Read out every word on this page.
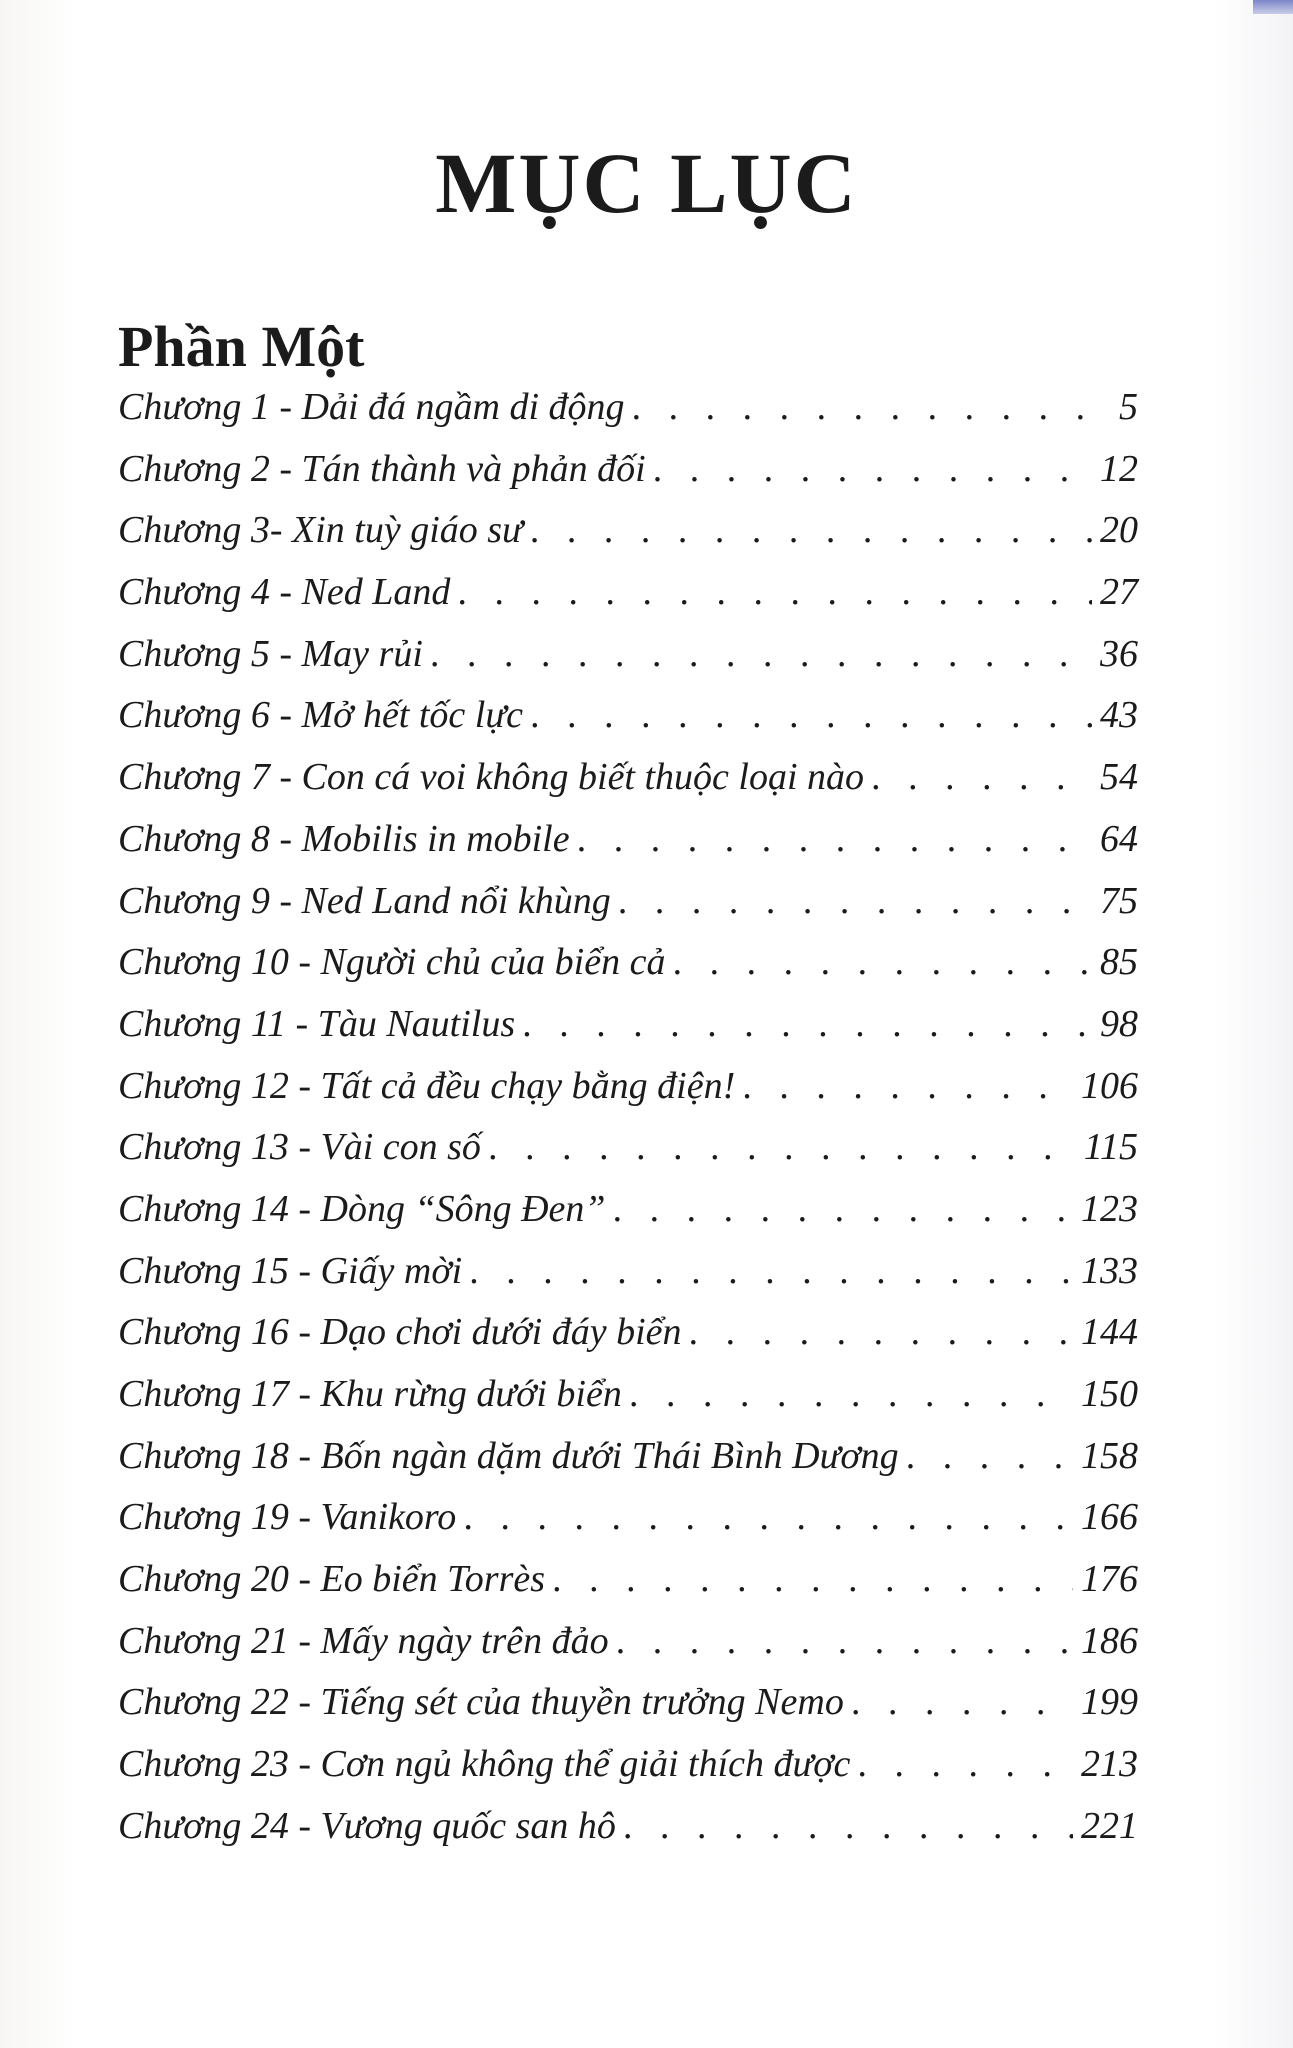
MỤC LỤC
Phần Một
Chương 1 - Dải đá ngầm di động . . .	5
Chương 2 - Tán thành và phản đối . . .	12
Chương 3- Xin tuỳ giáo sư . . .	20
Chương 4 - Ned Land . . .	27
Chương 5 - May rủi . . .	36
Chương 6 - Mở hết tốc lực . . .	43
Chương 7 - Con cá voi không biết thuộc loại nào . . .	54
Chương 8 - Mobilis in mobile . . .	64
Chương 9 - Ned Land nổi khùng . . .	75
Chương 10 - Người chủ của biển cả . . .	85
Chương 11 - Tàu Nautilus . . .	98
Chương 12 - Tất cả đều chạy bằng điện! . . .	106
Chương 13 - Vài con số . . .	115
Chương 14 - Dòng “Sông Đen” . . .	123
Chương 15 - Giấy mời . . .	133
Chương 16 - Dạo chơi dưới đáy biển . . .	144
Chương 17 - Khu rừng dưới biển . . .	150
Chương 18 - Bốn ngàn dặm dưới Thái Bình Dương . . .	158
Chương 19 - Vanikoro . . .	166
Chương 20 - Eo biển Torrès . . .	176
Chương 21 - Mấy ngày trên đảo . . .	186
Chương 22 - Tiếng sét của thuyền trưởng Nemo . . .	199
Chương 23 - Cơn ngủ không thể giải thích được . . .	213
Chương 24 - Vương quốc san hô . . .	221
